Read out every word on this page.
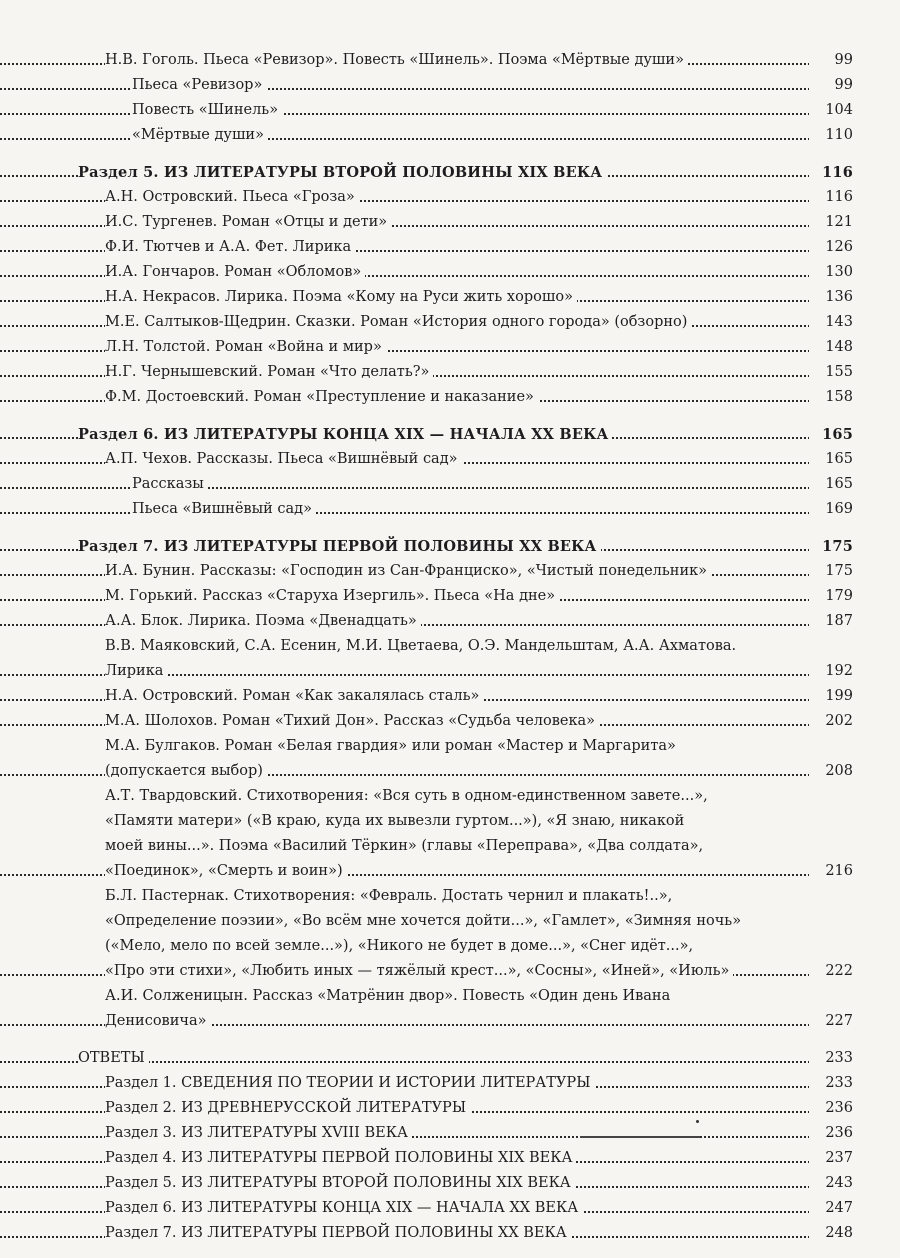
Н.В. Гоголь. Пьеса «Ревизор». Повесть «Шинель». Поэма «Мёртвые души»	99
Пьеса «Ревизор»	99
Повесть «Шинель»	104
«Мёртвые души»	110
Раздел 5. ИЗ ЛИТЕРАТУРЫ ВТОРОЙ ПОЛОВИНЫ XIX ВЕКА	116
А.Н. Островский. Пьеса «Гроза»	116
И.С. Тургенев. Роман «Отцы и дети»	121
Ф.И. Тютчев и А.А. Фет. Лирика	126
И.А. Гончаров. Роман «Обломов»	130
Н.А. Некрасов. Лирика. Поэма «Кому на Руси жить хорошо»	136
М.Е. Салтыков-Щедрин. Сказки. Роман «История одного города» (обзорно)	143
Л.Н. Толстой. Роман «Война и мир»	148
Н.Г. Чернышевский. Роман «Что делать?»	155
Ф.М. Достоевский. Роман «Преступление и наказание»	158
Раздел 6. ИЗ ЛИТЕРАТУРЫ КОНЦА XIX — НАЧАЛА XX ВЕКА	165
А.П. Чехов. Рассказы. Пьеса «Вишнёвый сад»	165
Рассказы	165
Пьеса «Вишнёвый сад»	169
Раздел 7. ИЗ ЛИТЕРАТУРЫ ПЕРВОЙ ПОЛОВИНЫ XX ВЕКА	175
И.А. Бунин. Рассказы: «Господин из Сан-Франциско», «Чистый понедельник»	175
М. Горький. Рассказ «Старуха Изергиль». Пьеса «На дне»	179
А.А. Блок. Лирика. Поэма «Двенадцать»	187
В.В. Маяковский, С.А. Есенин, М.И. Цветаева, О.Э. Мандельштам, А.А. Ахматова.
Лирика	192
Н.А. Островский. Роман «Как закалялась сталь»	199
М.А. Шолохов. Роман «Тихий Дон». Рассказ «Судьба человека»	202
М.А. Булгаков. Роман «Белая гвардия» или роман «Мастер и Маргарита»
(допускается выбор)	208
А.Т. Твардовский. Стихотворения: «Вся суть в одном-единственном завете...»,
«Памяти матери» («В краю, куда их вывезли гуртом...»), «Я знаю, никакой
моей вины...». Поэма «Василий Тёркин» (главы «Переправа», «Два солдата»,
«Поединок», «Смерть и воин»)	216
Б.Л. Пастернак. Стихотворения: «Февраль. Достать чернил и плакать!..»,
«Определение поэзии», «Во всём мне хочется дойти...», «Гамлет», «Зимняя ночь»
(«Мело, мело по всей земле...»), «Никого не будет в доме...», «Снег идёт...»,
«Про эти стихи», «Любить иных — тяжёлый крест...», «Сосны», «Иней», «Июль»	222
А.И. Солженицын. Рассказ «Матрёнин двор». Повесть «Один день Ивана
Денисовича»	227
ОТВЕТЫ	233
Раздел 1. СВЕДЕНИЯ ПО ТЕОРИИ И ИСТОРИИ ЛИТЕРАТУРЫ	233
Раздел 2. ИЗ ДРЕВНЕРУССКОЙ ЛИТЕРАТУРЫ	236
Раздел 3. ИЗ ЛИТЕРАТУРЫ XVIII ВЕКА	236
Раздел 4. ИЗ ЛИТЕРАТУРЫ ПЕРВОЙ ПОЛОВИНЫ XIX ВЕКА	237
Раздел 5. ИЗ ЛИТЕРАТУРЫ ВТОРОЙ ПОЛОВИНЫ XIX ВЕКА	243
Раздел 6. ИЗ ЛИТЕРАТУРЫ КОНЦА XIX — НАЧАЛА XX ВЕКА	247
Раздел 7. ИЗ ЛИТЕРАТУРЫ ПЕРВОЙ ПОЛОВИНЫ XX ВЕКА	248
